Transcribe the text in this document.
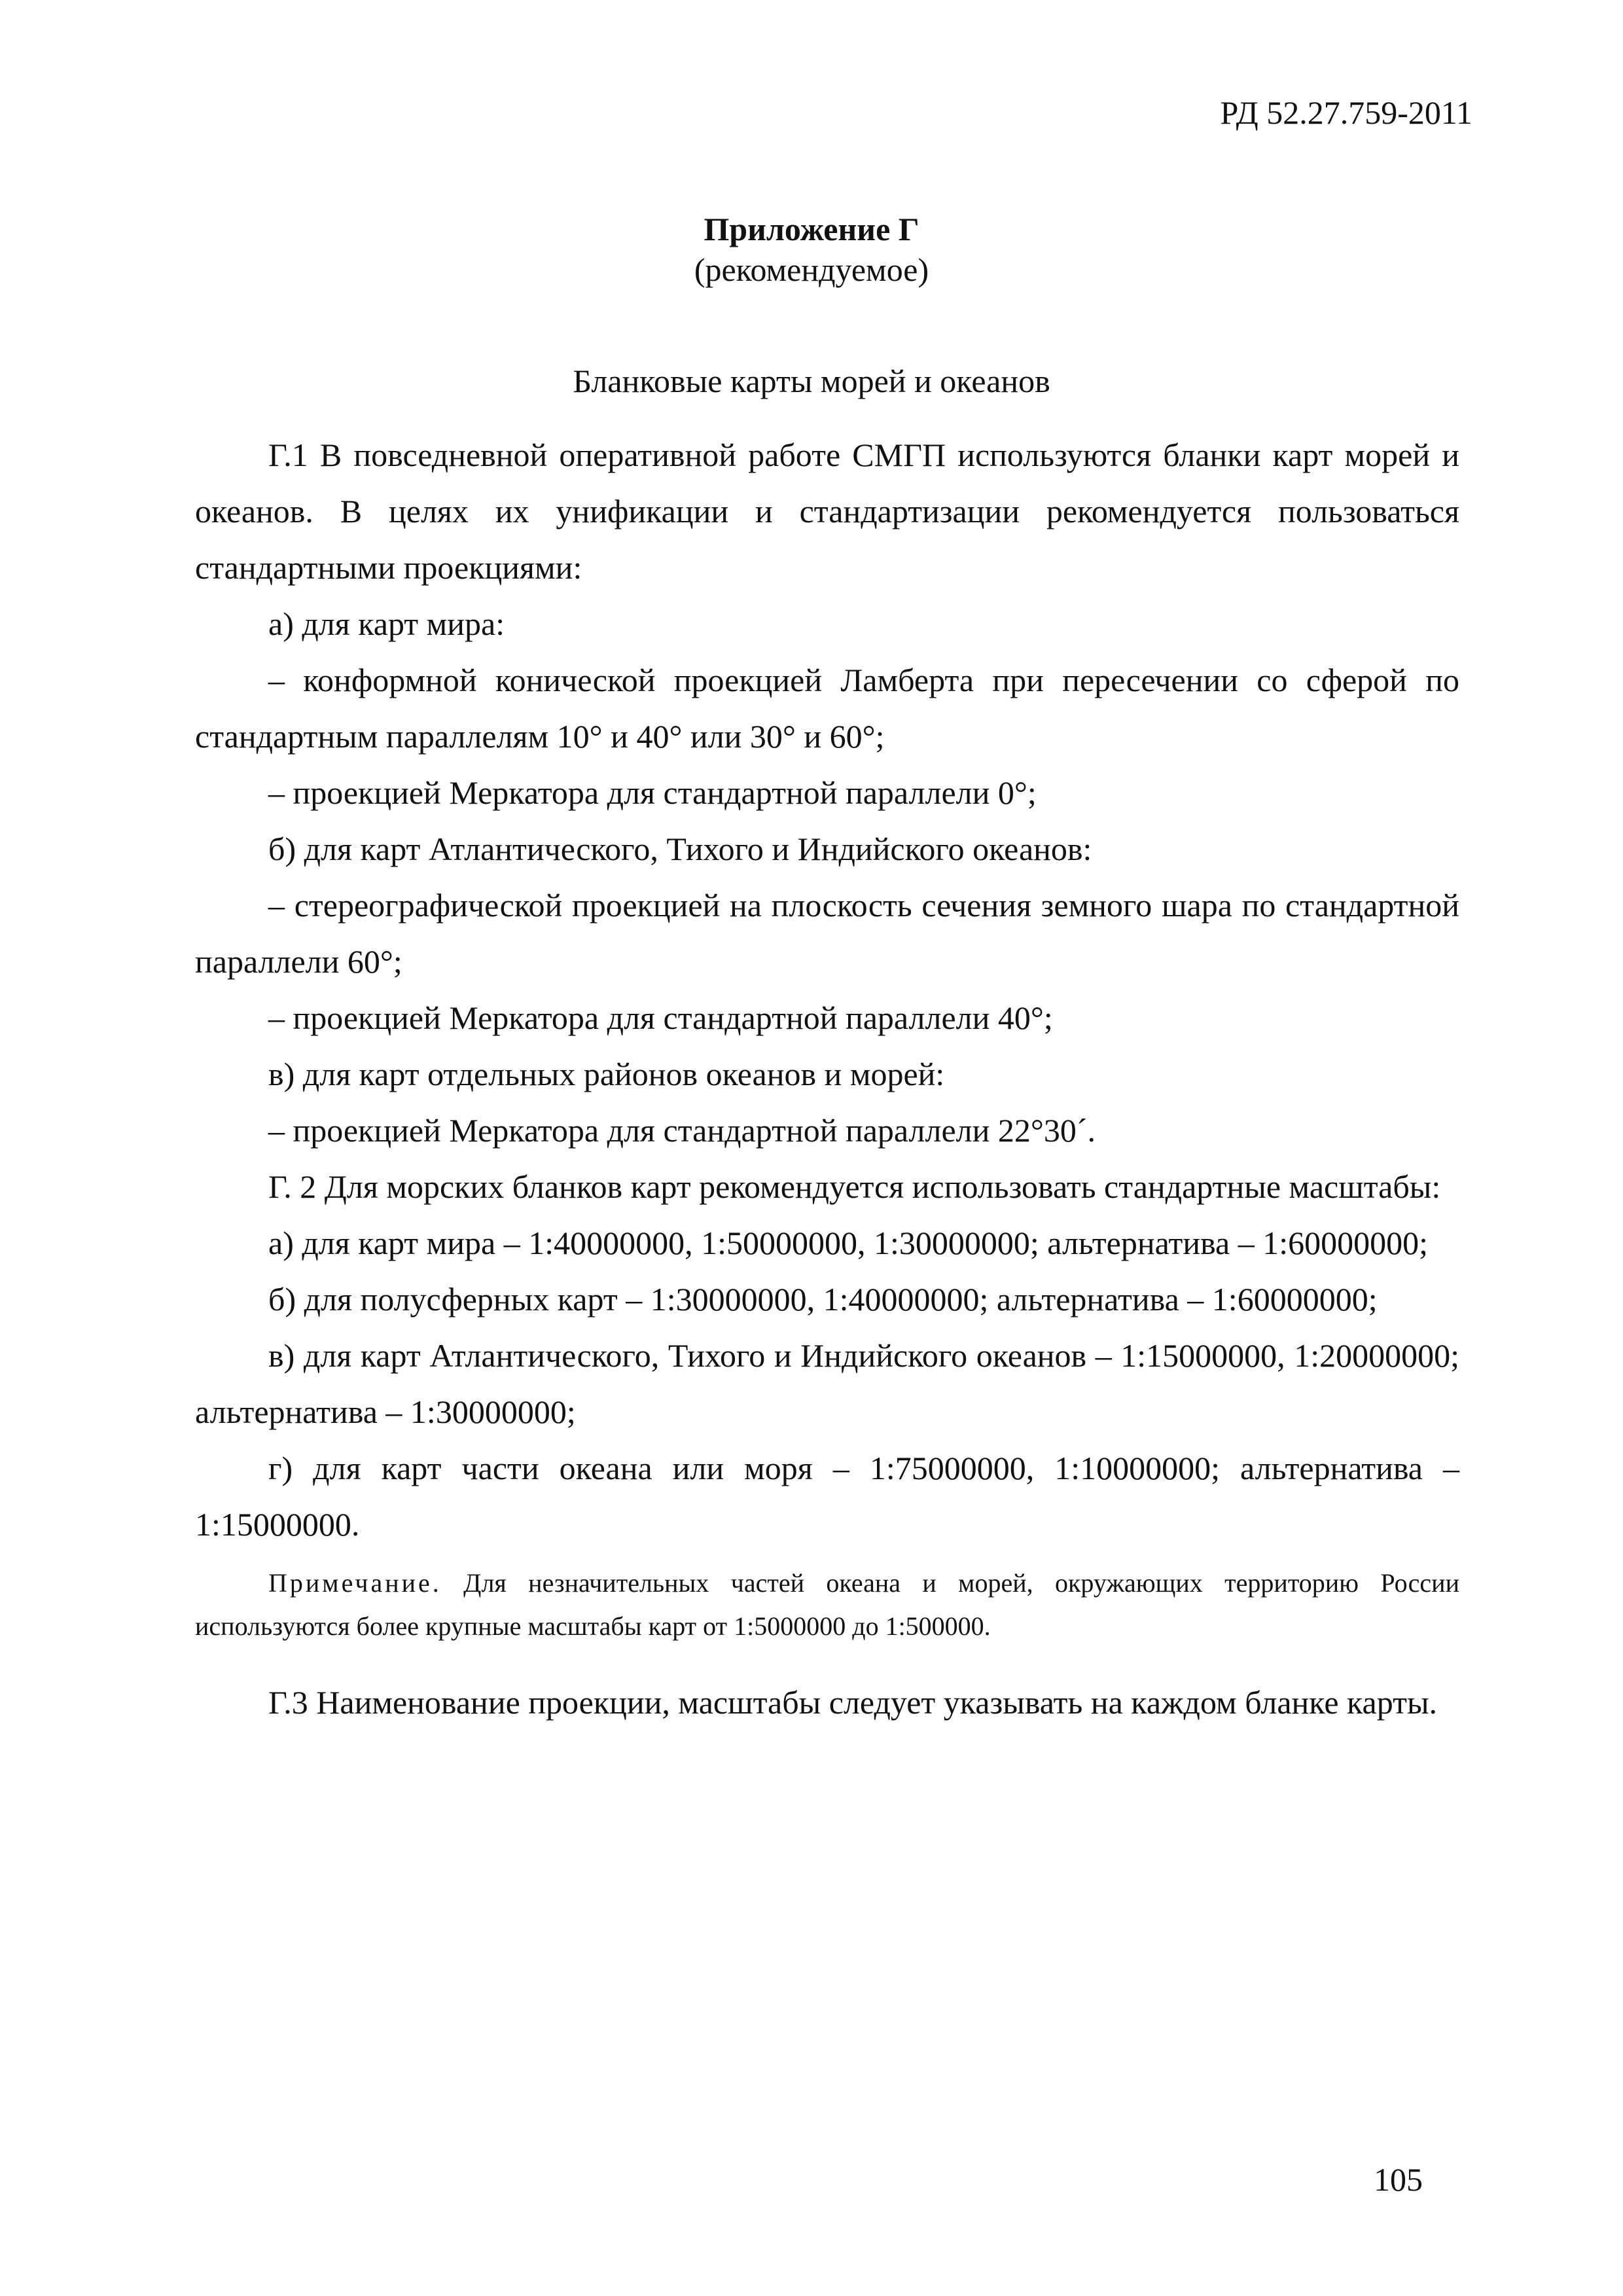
РД 52.27.759-2011
Приложение Г
(рекомендуемое)
Бланковые карты морей и океанов

Г.1 В повседневной оперативной работе СМГП используются бланки карт морей и океанов. В целях их унификации и стандартизации рекомендуется пользоваться стандартными проекциями:

а) для карт мира:

– конформной конической проекцией Ламберта при пересечении со сферой по стандартным параллелям 10° и 40° или 30° и 60°;

– проекцией Меркатора для стандартной параллели 0°;

б) для карт Атлантического, Тихого и Индийского океанов:

– стереографической проекцией на плоскость сечения земного шара по стандартной параллели 60°;

– проекцией Меркатора для стандартной параллели 40°;

в) для карт отдельных районов океанов и морей:

– проекцией Меркатора для стандартной параллели 22°30´.

Г. 2 Для морских бланков карт рекомендуется использовать стандартные масштабы:

а) для карт мира – 1:40000000, 1:50000000, 1:30000000; альтернатива – 1:60000000;

б) для полусферных карт – 1:30000000, 1:40000000; альтернатива – 1:60000000;

в) для карт Атлантического, Тихого и Индийского океанов – 1:15000000, 1:20000000; альтернатива – 1:30000000;

г) для карт части океана или моря – 1:75000000, 1:10000000; альтернатива – 1:15000000.

Примечание. Для незначительных частей океана и морей, окружающих территорию России используются более крупные масштабы карт от 1:5000000 до 1:500000.

Г.3 Наименование проекции, масштабы следует указывать на каждом бланке карты.

105
